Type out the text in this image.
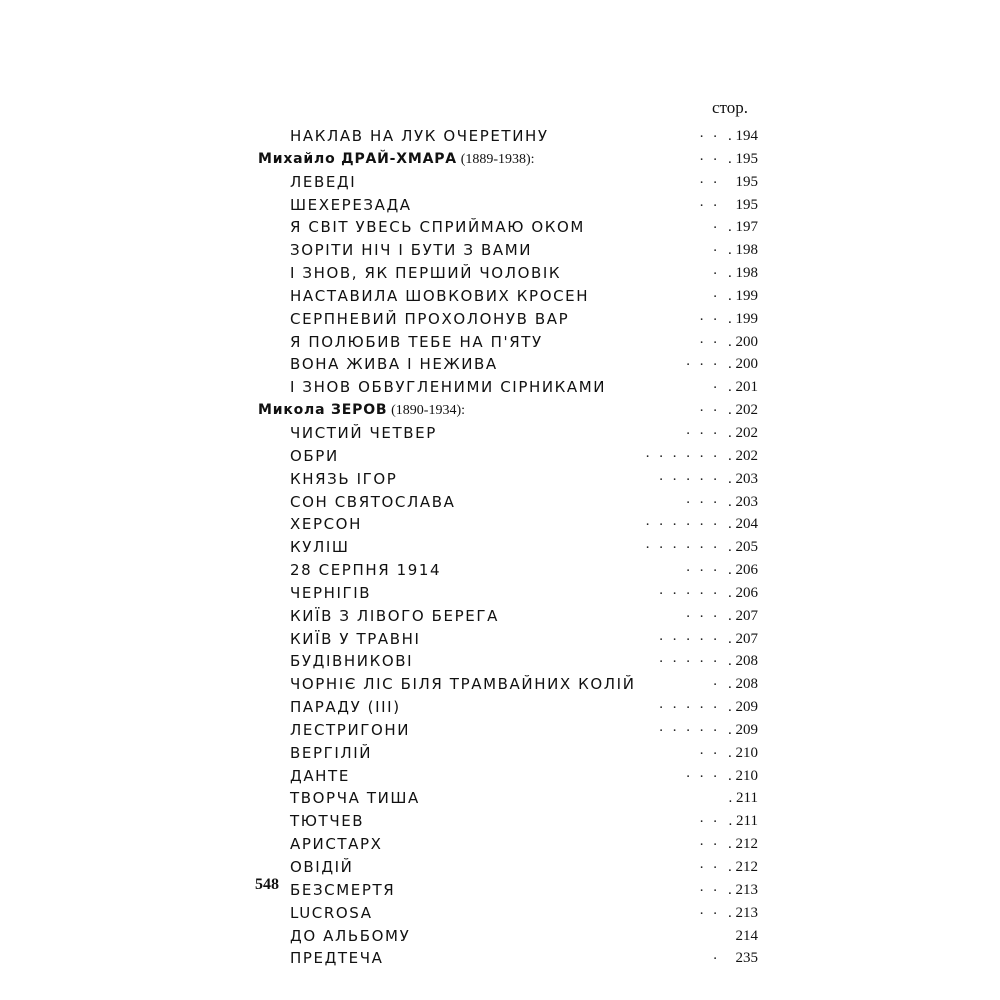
стор.
НАКЛАВ НА ЛУК ОЧЕРЕТИНУ	. . . 194
Михайло ДРАЙ-ХМАРА (1889-1938):	. . . 195
ЛЕВЕДІ	. . 195
ШЕХЕРЕЗАДА	. . 195
Я СВІТ УВЕСЬ СПРИЙМАЮ ОКОМ	. . 197
ЗОРІТИ НІЧ І БУТИ З ВАМИ	. . 198
І ЗНОВ, ЯК ПЕРШИЙ ЧОЛОВІК	. . 198
НАСТАВИЛА ШОВКОВИХ КРОСЕН	. . 199
СЕРПНЕВИЙ ПРОХОЛОНУВ ВАР	. . . 199
Я ПОЛЮБИВ ТЕБЕ НА П'ЯТУ	. . . 200
ВОНА ЖИВА І НЕЖИВА	. . . . 200
І ЗНОВ ОБВУГЛЕНИМИ СІРНИКАМИ	. . 201
Микола ЗЕРОВ (1890-1934):	. . . 202
ЧИСТИЙ ЧЕТВЕР	. . . . 202
ОБРИ	. . . . . . . 202
КНЯЗЬ ІГОР	. . . . . . 203
СОН СВЯТОСЛАВА	. . . . 203
ХЕРСОН	. . . . . . . 204
КУЛІШ	. . . . . . . 205
28 СЕРПНЯ 1914	. . . . 206
ЧЕРНІГІВ	. . . . . . 206
КИЇВ З ЛІВОГО БЕРЕГА	. . . . 207
КИЇВ У ТРАВНІ	. . . . . . 207
БУДІВНИКОВІ	. . . . . . 208
ЧОРНІЄ ЛІС БІЛЯ ТРАМВАЙНИХ КОЛІЙ	. . 208
ПАРАДУ (ІІІ)	. . . . . . 209
ЛЕСТРИГОНИ	. . . . . . 209
ВЕРГІЛІЙ	. . . 210
ДАНТЕ	. . . . 210
ТВОРЧА ТИША	. 211
ТЮТЧЕВ	. . . 211
АРИСТАРХ	. . . 212
ОВІДІЙ	. . . 212
БЕЗСМЕРТЯ	. . . 213
LUCROSA	. . . 213
ДО АЛЬБОМУ	214
ПРЕДТЕЧА	. 235
548
